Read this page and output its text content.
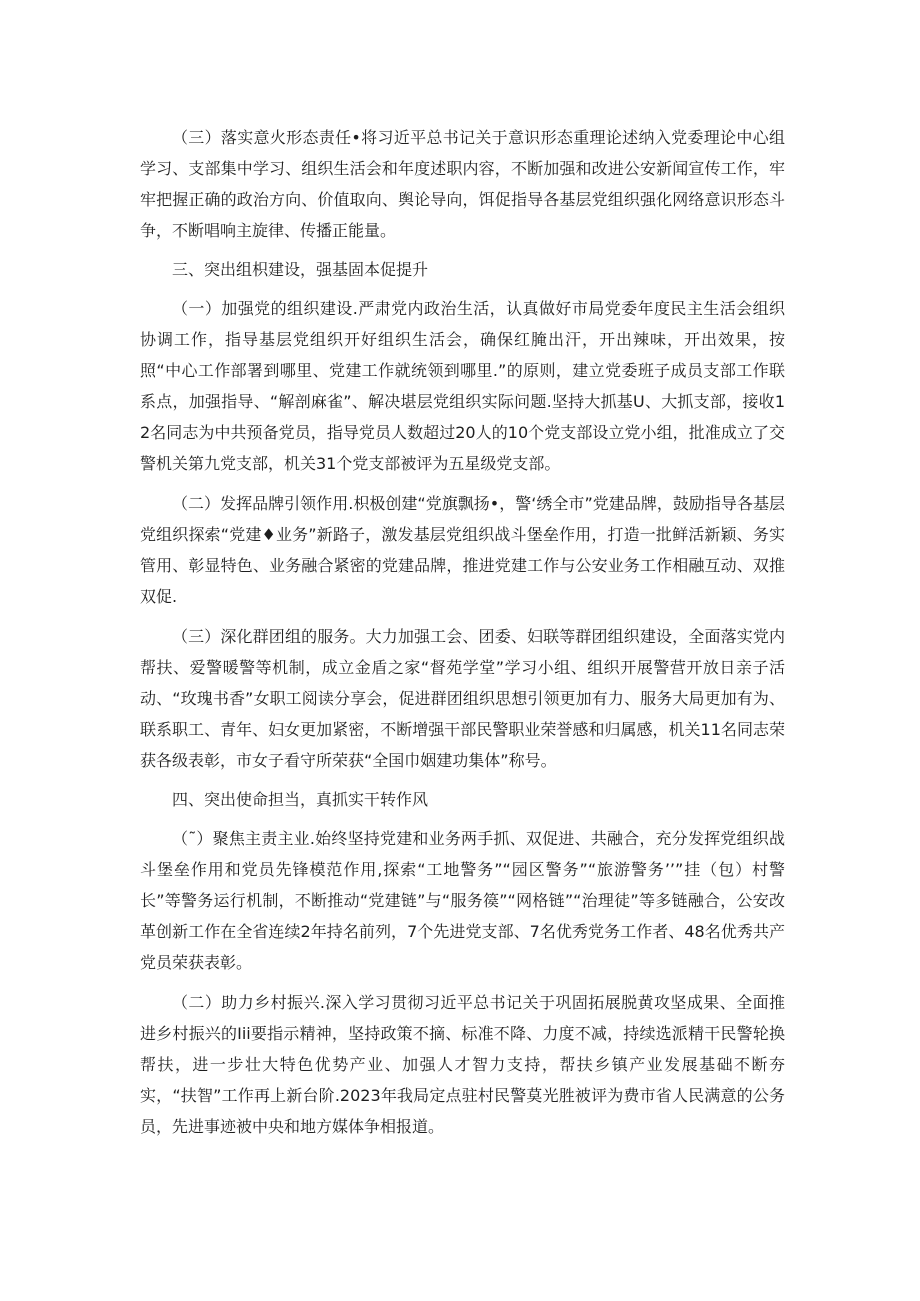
（三）落实意火形态责任•将习近平总书记关于意识形态重理论述纳入党委理论中心组学习、支部集中学习、组织生活会和年度述职内容，不断加强和改进公安新闻宣传工作，牢牢把握正确的政治方向、价值取向、舆论导向，饵促指导各基层党组织强化网络意识形态斗争，不断唱响主旋律、传播正能量。

三、突出组枳建设，强基固本促提升

（一）加强党的组织建设.严肃党内政治生活，认真做好市局党委年度民主生活会组织协调工作，指导基层党组织开好组织生活会，确保红腌出汗，开出辣味，开出效果，按照“中心工作部署到哪里、党建工作就统领到哪里.”的原则，建立党委班子成员支部工作联系点，加强指导、“解剖麻雀”、解决堪层党组织实际问题.坚持大抓基U、大抓支部，接收12名同志为中共预备党员，指导党员人数超过20人的10个党支部设立党小组，批准成立了交警机关第九党支部，机关31个党支部被评为五星级党支部。

（二）发挥品牌引领作用.枳极创建“党旗飘扬•，警‘绣全市”党建品牌，鼓励指导各基层党组织探索“党建♦业务”新路子，激发基层党组织战斗堡垒作用，打造一批鲜活新颖、务实管用、彰显特色、业务融合紧密的党建品牌，推进党建工作与公安业务工作相融互动、双推双促.

（三）深化群团组的服务。大力加强工会、团委、妇联等群团组织建设，全面落实党内帮扶、爱警暖警等机制，成立金盾之家“督苑学堂”学习小组、组织开展警营开放日亲子活动、“玫瑰书香”女职工阅读分享会，促进群团组织思想引领更加有力、服务大局更加有为、联系职工、青年、妇女更加紧密，不断增强干部民警职业荣誉感和归属感，机关11名同志荣获各级表彰，市女子看守所荣获“全国巾姻建功集体”称号。

四、突出使命担当，真抓实干转作风

（˜）聚焦主责主业.始终坚持党建和业务两手抓、双促进、共融合，充分发挥党组织战斗堡垒作用和党员先锋模范作用,探索“工地警务”“园区警务”“旅游警务’’”挂（包）村警长”等警务运行机制，不断推动“党建链”与“服务篌”“网格链”“治理徒”等多链融合，公安改革创新工作在全省连续2年持名前列，7个先进党支部、7名优秀党务工作者、48名优秀共产党员荣获表彰。

（二）助力乡村振兴.深入学习贯彻习近平总书记关于巩固拓展脱黄攻坚成果、全面推进乡村振兴的Iii要指示精神，坚持政策不摘、标准不降、力度不减，持续选派精干民警轮换帮扶，进一步壮大特色优势产业、加强人才智力支持，帮扶乡镇产业发展基础不断夯实，“扶智”工作再上新台阶.2023年我局定点驻村民警莫光胜被评为费市省人民满意的公务员，先进事迹被中央和地方媒体争相报道。
